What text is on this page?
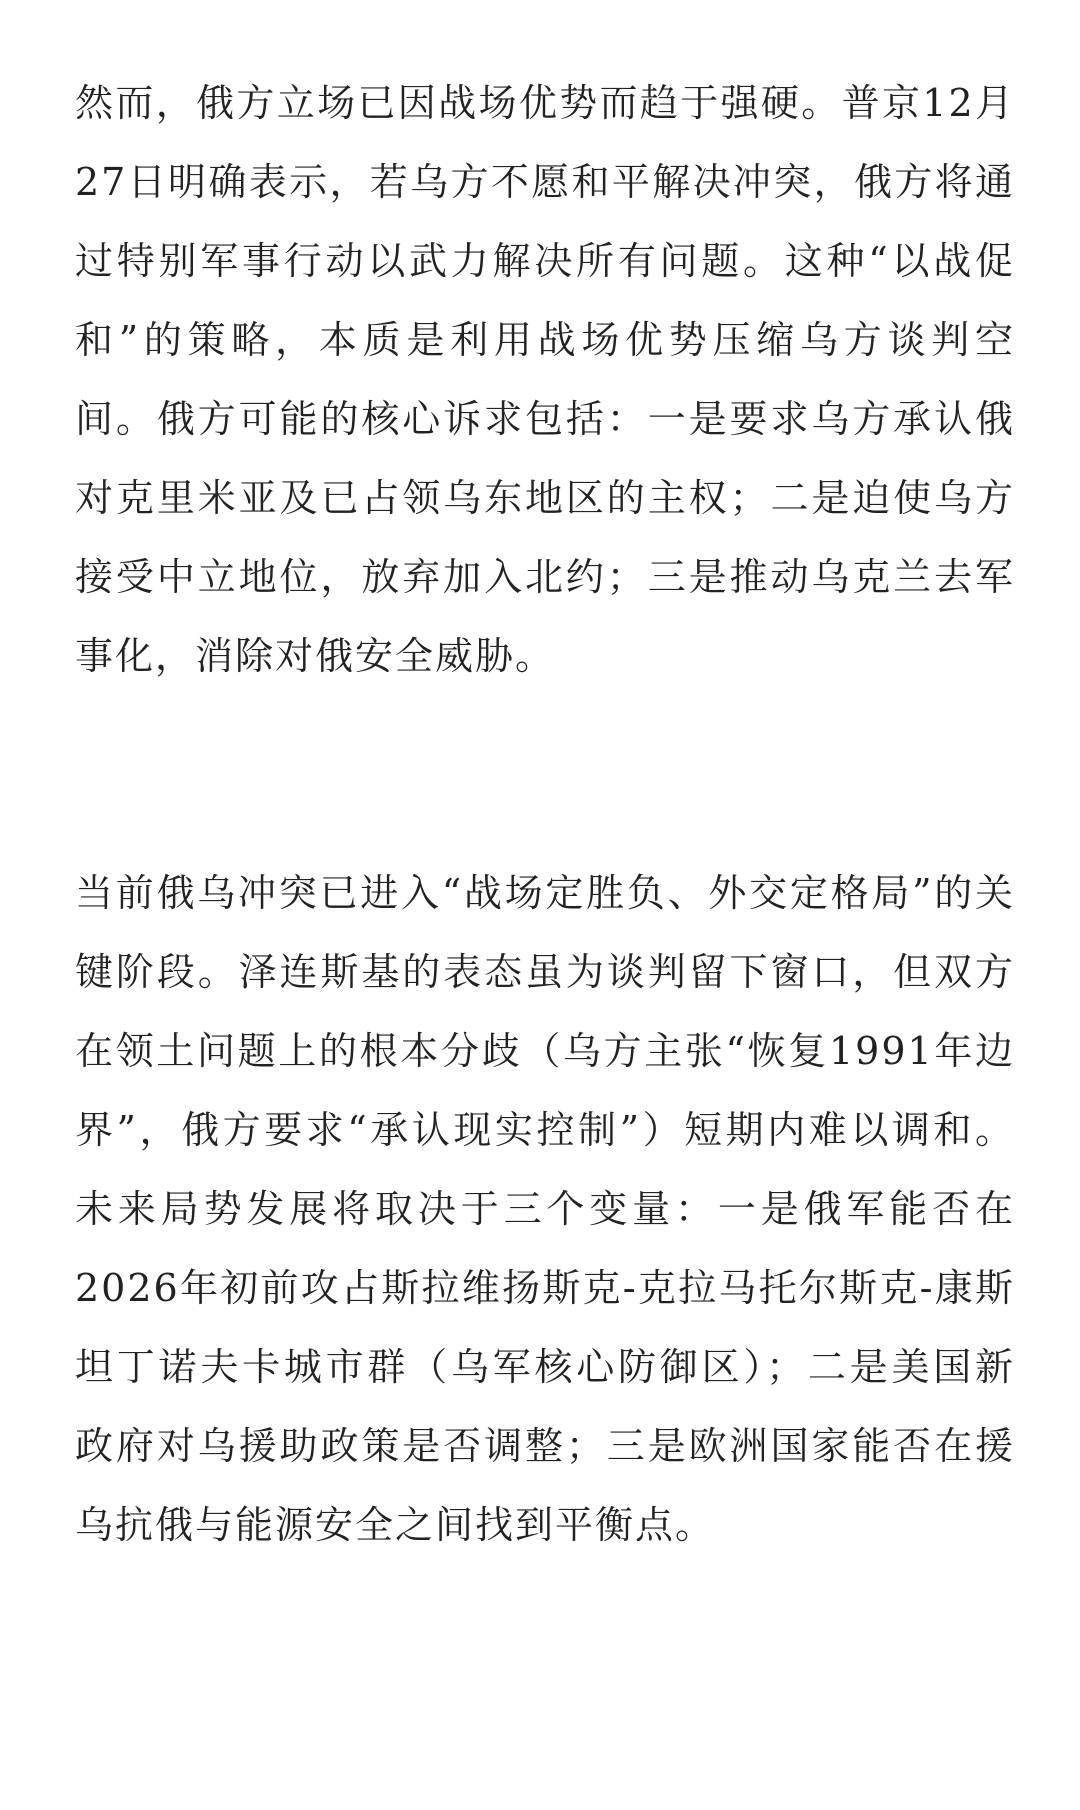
然而，俄方立场已因战场优势而趋于强硬。普京12月27日明确表示，若乌方不愿和平解决冲突，俄方将通过特别军事行动以武力解决所有问题。这种“以战促和”的策略，本质是利用战场优势压缩乌方谈判空间。俄方可能的核心诉求包括：一是要求乌方承认俄对克里米亚及已占领乌东地区的主权；二是迫使乌方接受中立地位，放弃加入北约；三是推动乌克兰去军事化，消除对俄安全威胁。

当前俄乌冲突已进入“战场定胜负、外交定格局”的关键阶段。泽连斯基的表态虽为谈判留下窗口，但双方在领土问题上的根本分歧（乌方主张“恢复1991年边界”，俄方要求“承认现实控制”）短期内难以调和。未来局势发展将取决于三个变量：一是俄军能否在2026年初前攻占斯拉维扬斯克-克拉马托尔斯克-康斯坦丁诺夫卡城市群（乌军核心防御区）；二是美国新政府对乌援助政策是否调整；三是欧洲国家能否在援乌抗俄与能源安全之间找到平衡点。
